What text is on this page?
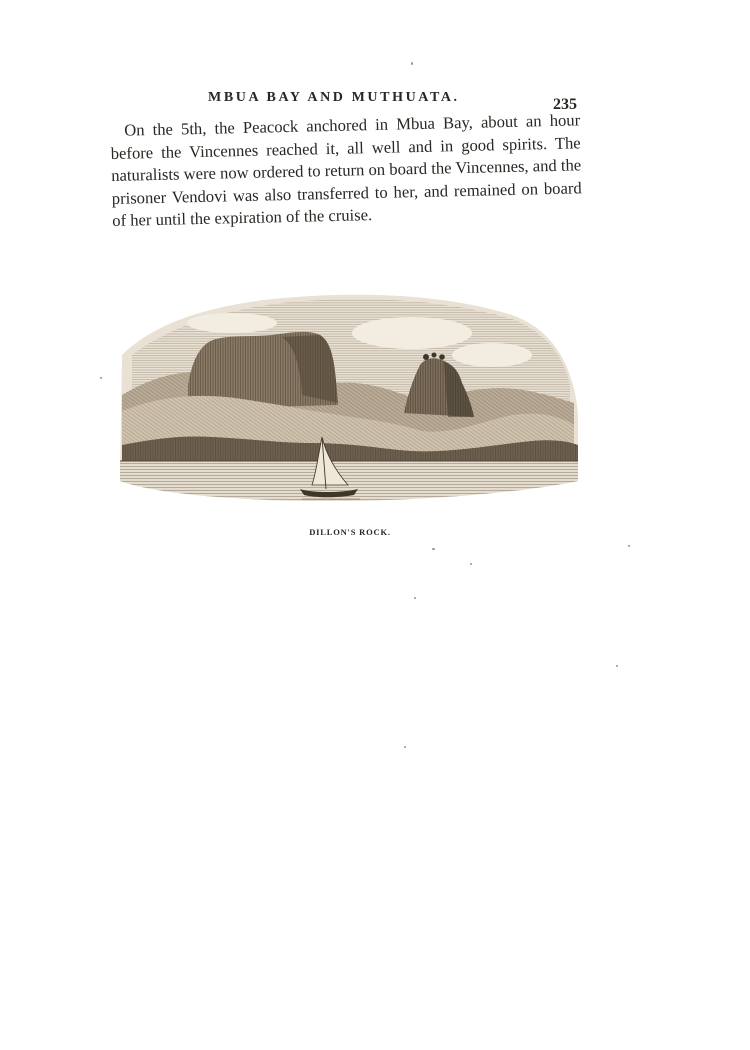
MBUA BAY AND MUTHUATA.	235

On the 5th, the Peacock anchored in Mbua Bay, about an hour before the Vincennes reached it, all well and in good spirits. The naturalists were now ordered to return on board the Vincennes, and the prisoner Vendovi was also transferred to her, and remained on board of her until the expiration of the cruise.

DILLON'S ROCK.
